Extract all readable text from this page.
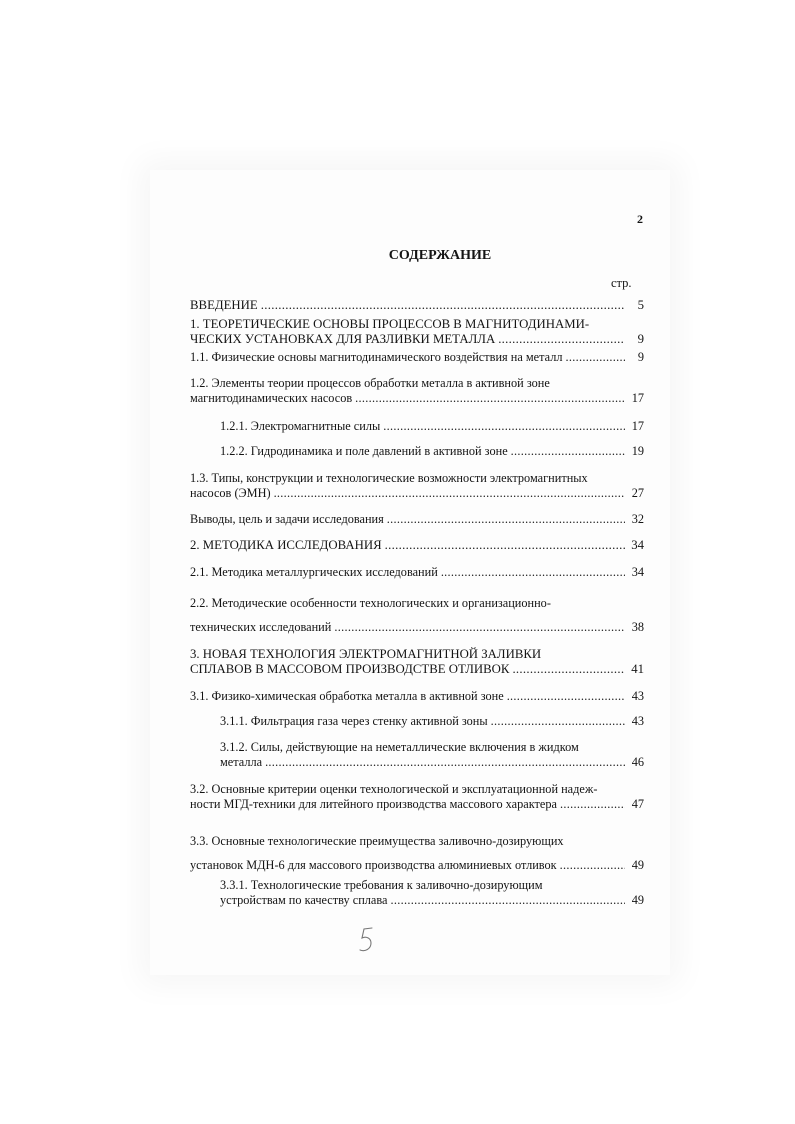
2
СОДЕРЖАНИЕ
стр.
ВВЕДЕНИЕ .....	5
1. ТЕОРЕТИЧЕСКИЕ ОСНОВЫ ПРОЦЕССОВ В МАГНИТОДИНАМИ-
ЧЕСКИХ УСТАНОВКАХ ДЛЯ РАЗЛИВКИ МЕТАЛЛА .....	9
1.1. Физические основы магнитодинамического воздействия на металл .....	9
1.2. Элементы теории процессов обработки металла в активной зоне
магнитодинамических насосов .....	17
1.2.1. Электромагнитные силы .....	17
1.2.2. Гидродинамика и поле давлений в активной зоне .....	19
1.3. Типы, конструкции и технологические возможности электромагнитных
насосов (ЭМН) .....	27
Выводы, цель и задачи исследования .....	32
2. МЕТОДИКА ИССЛЕДОВАНИЯ .....	34
2.1. Методика металлургических исследований .....	34
2.2. Методические особенности технологических и организационно-
технических исследований .....	38
3. НОВАЯ ТЕХНОЛОГИЯ ЭЛЕКТРОМАГНИТНОЙ ЗАЛИВКИ
СПЛАВОВ В МАССОВОМ ПРОИЗВОДСТВЕ ОТЛИВОК .....	41
3.1. Физико-химическая обработка металла в активной зоне .....	43
3.1.1. Фильтрация газа через стенку активной зоны .....	43
3.1.2. Силы, действующие на неметаллические включения в жидком
металла .....	46
3.2. Основные критерии оценки технологической и эксплуатационной надеж-
ности МГД-техники для литейного производства массового характера .....	47
3.3. Основные технологические преимущества заливочно-дозирующих
установок МДН-6 для массового производства алюминиевых отливок .....	49
3.3.1. Технологические требования к заливочно-дозирующим
устройствам по качеству сплава .....	49
